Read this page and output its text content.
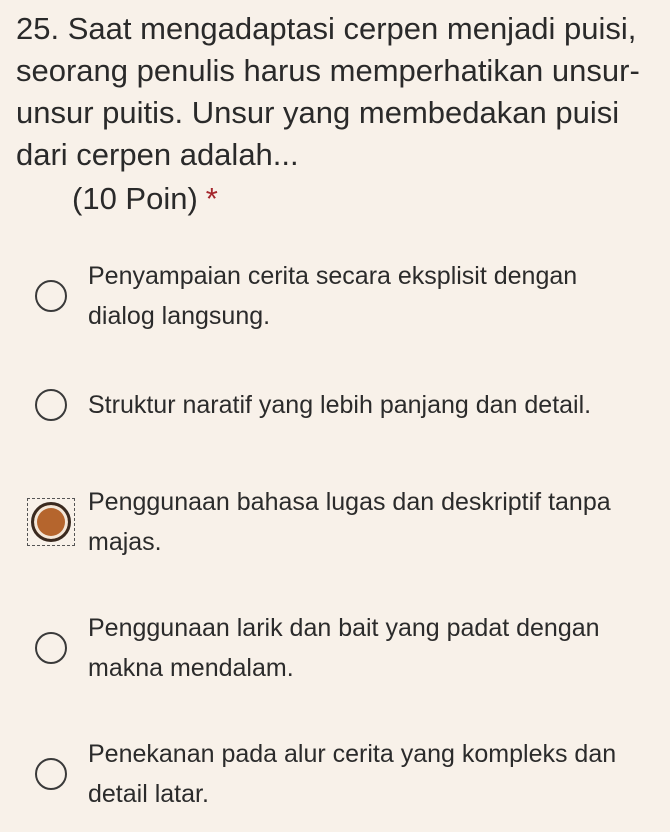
25. Saat mengadaptasi cerpen menjadi puisi, seorang penulis harus memperhatikan unsur-unsur puitis. Unsur yang membedakan puisi dari cerpen adalah...
(10 Poin) *
Penyampaian cerita secara eksplisit dengan dialog langsung.
Struktur naratif yang lebih panjang dan detail.
Penggunaan bahasa lugas dan deskriptif tanpa majas.
Penggunaan larik dan bait yang padat dengan makna mendalam.
Penekanan pada alur cerita yang kompleks dan detail latar.
